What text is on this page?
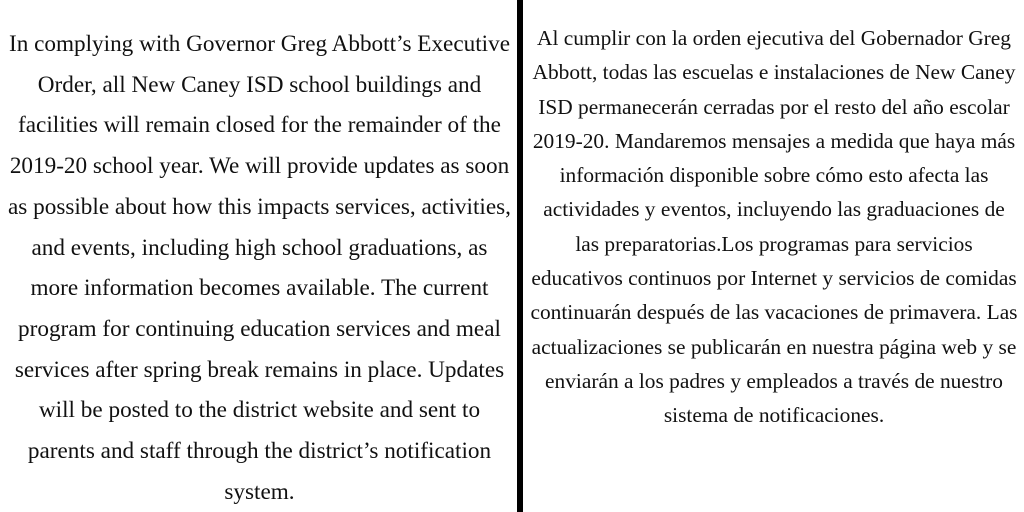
In complying with Governor Greg Abbott’s Executive Order, all New Caney ISD school buildings and facilities will remain closed for the remainder of the 2019-20 school year. We will provide updates as soon as possible about how this impacts services, activities, and events, including high school graduations, as more information becomes available. The current program for continuing education services and meal services after spring break remains in place. Updates will be posted to the district website and sent to parents and staff through the district’s notification system.

Al cumplir con la orden ejecutiva del Gobernador Greg Abbott, todas las escuelas e instalaciones de New Caney ISD permanecerán cerradas por el resto del año escolar 2019-20. Mandaremos mensajes a medida que haya más información disponible sobre cómo esto afecta las actividades y eventos, incluyendo las graduaciones de las preparatorias.Los programas para servicios educativos continuos por Internet y servicios de comidas continuarán después de las vacaciones de primavera. Las actualizaciones se publicarán en nuestra página web y se enviarán a los padres y empleados a través de nuestro sistema de notificaciones.
